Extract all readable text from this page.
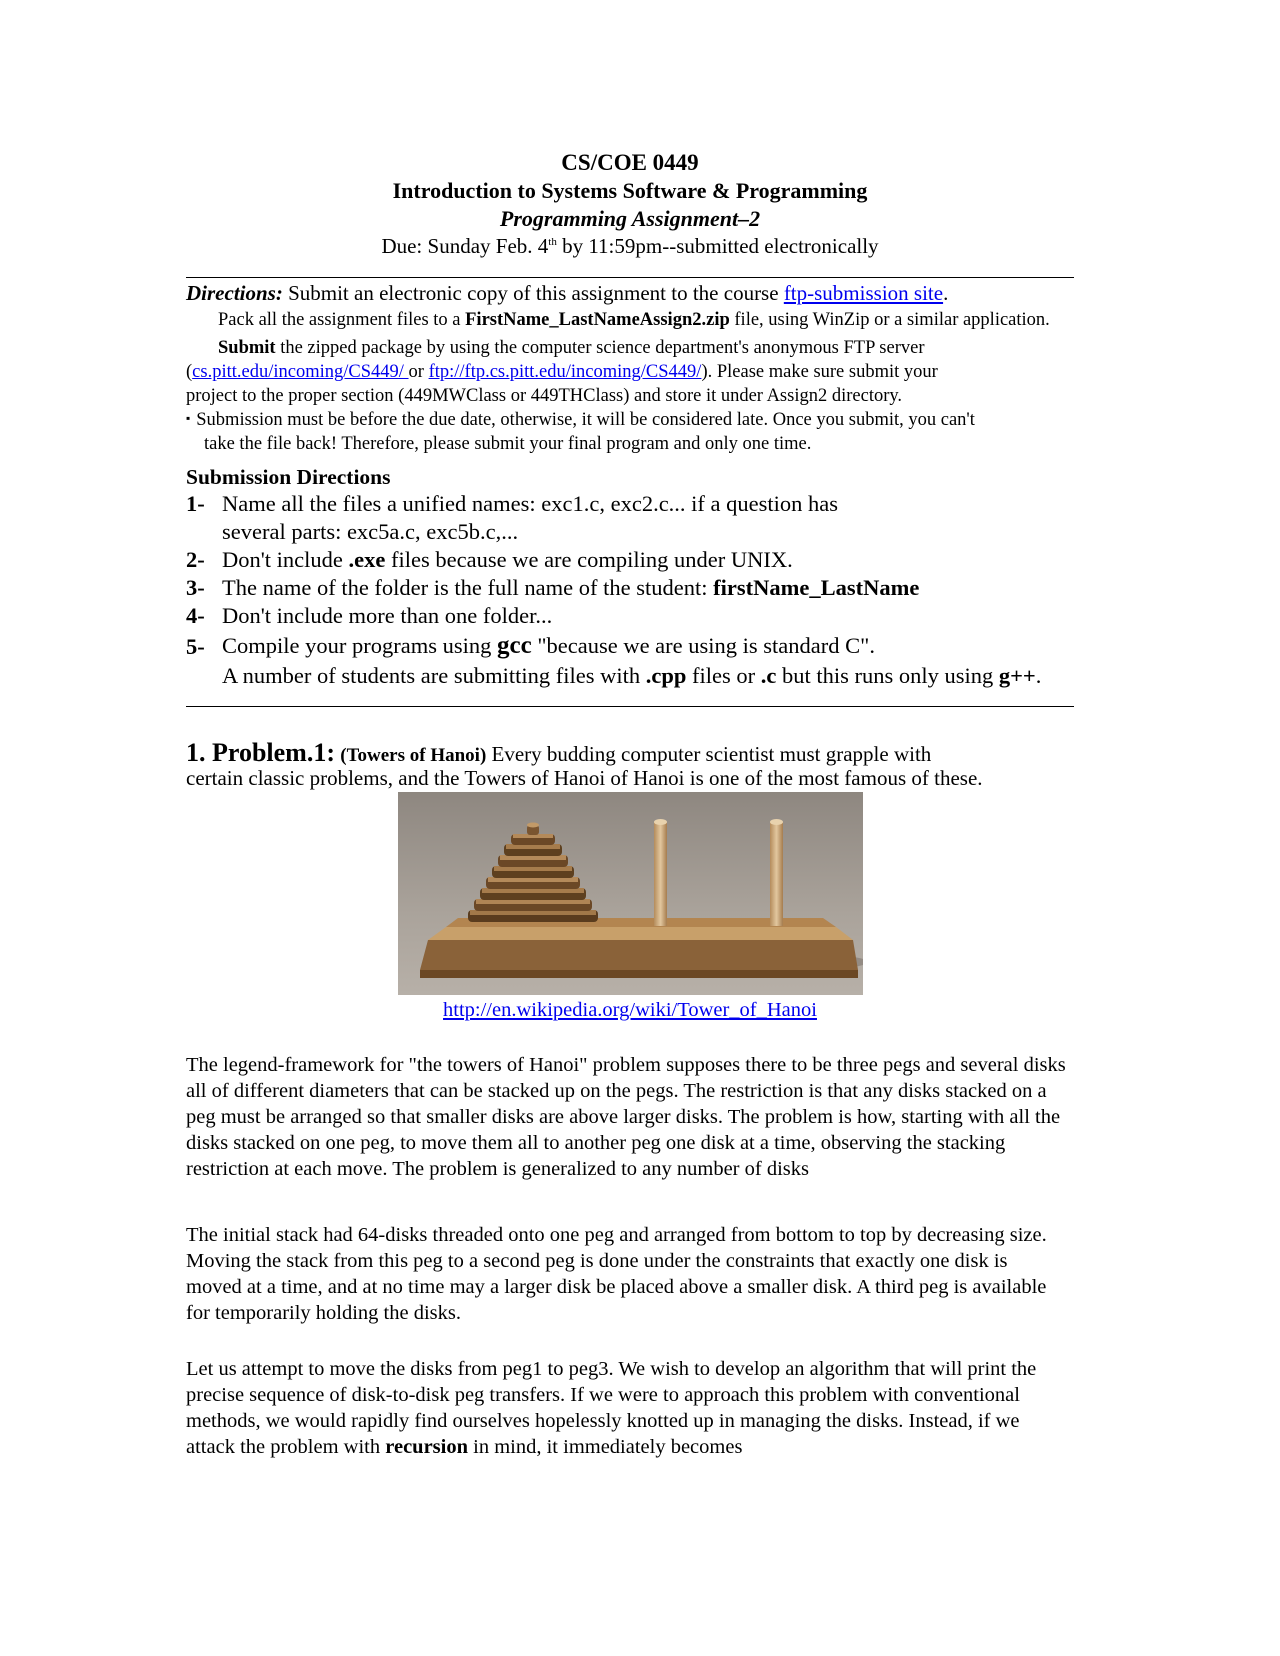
CS/COE 0449
Introduction to Systems Software & Programming
Programming Assignment–2
Due: Sunday Feb. 4th by 11:59pm--submitted electronically
Directions: Submit an electronic copy of this assignment to the course ftp-submission site.
Pack all the assignment files to a FirstName_LastNameAssign2.zip file, using WinZip or a similar application.
Submit the zipped package by using the computer science department's anonymous FTP server
(cs.pitt.edu/incoming/CS449/ or ftp://ftp.cs.pitt.edu/incoming/CS449/). Please make sure submit your
project to the proper section (449MWClass or 449THClass) and store it under Assign2 directory.
▪ Submission must be before the due date, otherwise, it will be considered late. Once you submit, you can't
take the file back! Therefore, please submit your final program and only one time.
Submission Directions
1- Name all the files a unified names: exc1.c, exc2.c... if a question has
several parts: exc5a.c, exc5b.c,...
2- Don't include .exe files because we are compiling under UNIX.
3- The name of the folder is the full name of the student: firstName_LastName
4- Don't include more than one folder...
5- Compile your programs using gcc "because we are using is standard C".
A number of students are submitting files with .cpp files or .c but this runs only using g++.
1. Problem.1: (Towers of Hanoi) Every budding computer scientist must grapple with
certain classic problems, and the Towers of Hanoi of Hanoi is one of the most famous of these.
http://en.wikipedia.org/wiki/Tower_of_Hanoi
The legend-framework for "the towers of Hanoi" problem supposes there to be three pegs and several disks all of different diameters that can be stacked up on the pegs. The restriction is that any disks stacked on a peg must be arranged so that smaller disks are above larger disks. The problem is how, starting with all the disks stacked on one peg, to move them all to another peg one disk at a time, observing the stacking restriction at each move. The problem is generalized to any number of disks
The initial stack had 64-disks threaded onto one peg and arranged from bottom to top by decreasing size. Moving the stack from this peg to a second peg is done under the constraints that exactly one disk is moved at a time, and at no time may a larger disk be placed above a smaller disk. A third peg is available for temporarily holding the disks.
Let us attempt to move the disks from peg1 to peg3. We wish to develop an algorithm that will print the precise sequence of disk-to-disk peg transfers. If we were to approach this problem with conventional methods, we would rapidly find ourselves hopelessly knotted up in managing the disks. Instead, if we attack the problem with recursion in mind, it immediately becomes
